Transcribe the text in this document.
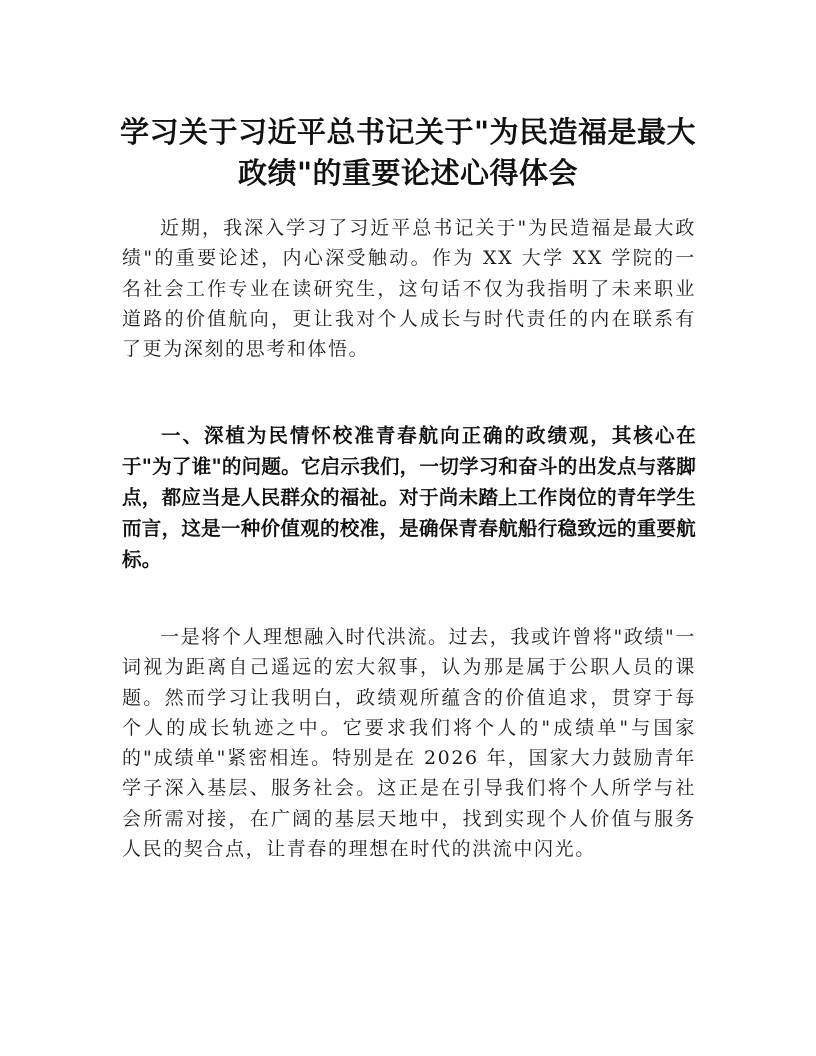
学习关于习近平总书记关于"为民造福是最大政绩"的重要论述心得体会

近期，我深入学习了习近平总书记关于"为民造福是最大政绩"的重要论述，内心深受触动。作为 XX 大学 XX 学院的一名社会工作专业在读研究生，这句话不仅为我指明了未来职业道路的价值航向，更让我对个人成长与时代责任的内在联系有了更为深刻的思考和体悟。

一、深植为民情怀校准青春航向正确的政绩观，其核心在于"为了谁"的问题。它启示我们，一切学习和奋斗的出发点与落脚点，都应当是人民群众的福祉。对于尚未踏上工作岗位的青年学生而言，这是一种价值观的校准，是确保青春航船行稳致远的重要航标。

一是将个人理想融入时代洪流。过去，我或许曾将"政绩"一词视为距离自己遥远的宏大叙事，认为那是属于公职人员的课题。然而学习让我明白，政绩观所蕴含的价值追求，贯穿于每个人的成长轨迹之中。它要求我们将个人的"成绩单"与国家的"成绩单"紧密相连。特别是在 2026 年，国家大力鼓励青年学子深入基层、服务社会。这正是在引导我们将个人所学与社会所需对接，在广阔的基层天地中，找到实现个人价值与服务人民的契合点，让青春的理想在时代的洪流中闪光。
